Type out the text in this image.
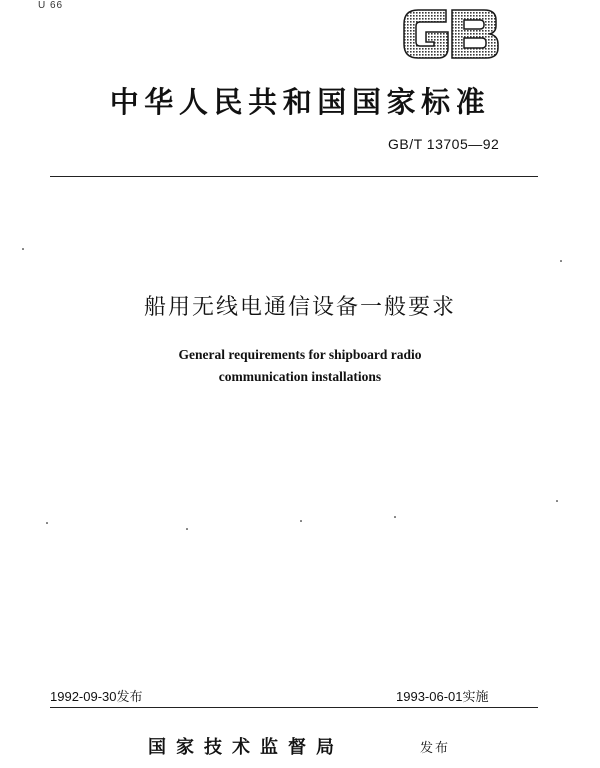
U 66
中华人民共和国国家标准
GB/T 13705—92
船用无线电通信设备一般要求
General requirements for shipboard radio
communication installations
1992-09-30发布	1993-06-01实施
国家技术监督局	发布
